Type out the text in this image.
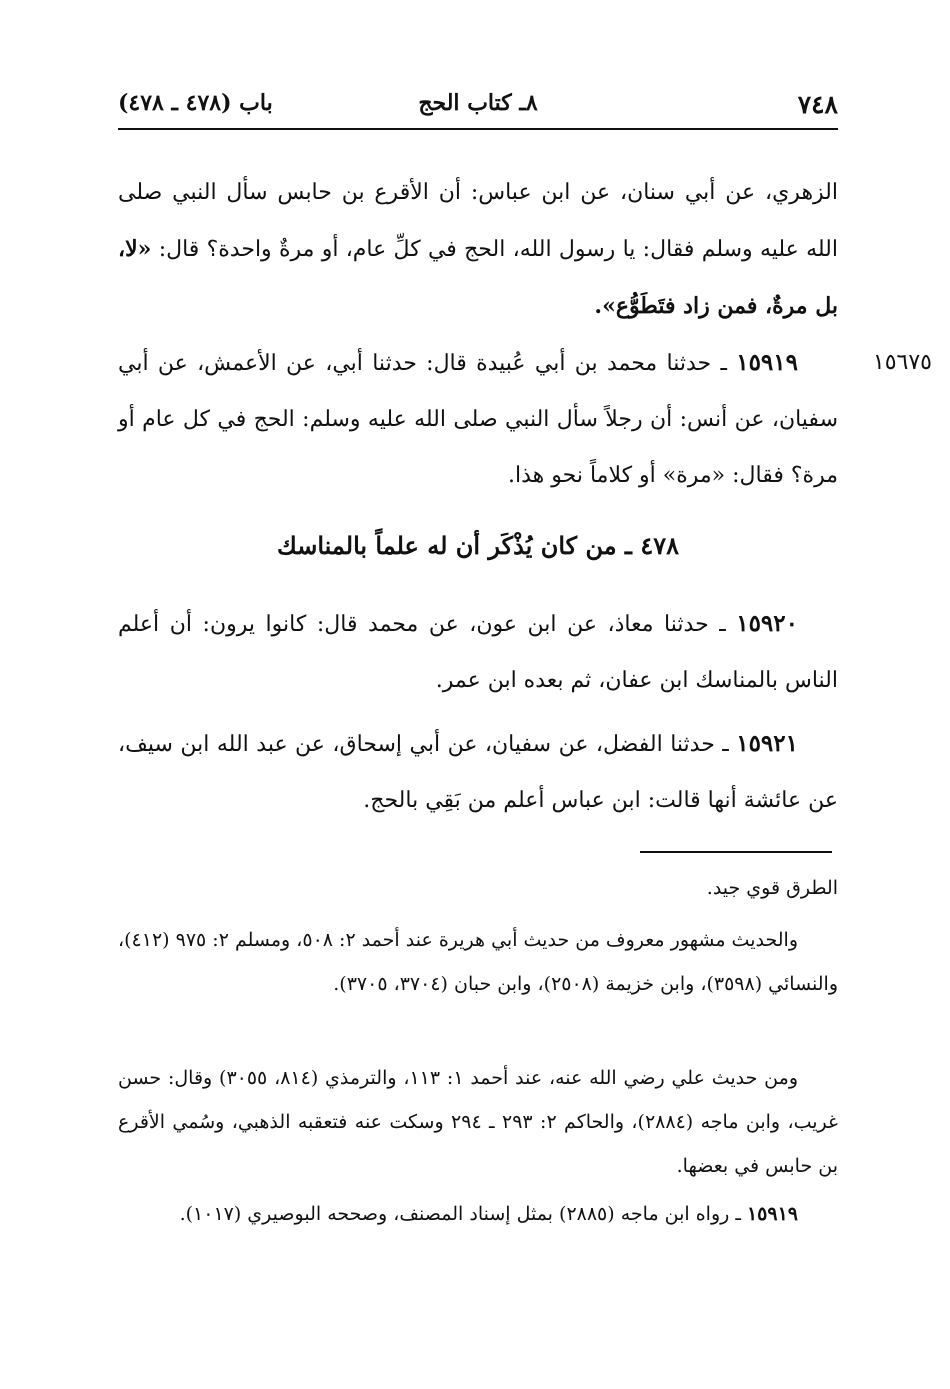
٧٤٨
٨ـ كتاب الحج
باب (٤٧٨ ـ ٤٧٨)
١٥٦٧٥

الزهري، عن أبي سنان، عن ابن عباس: أن الأقرع بن حابس سأل النبي صلى الله عليه وسلم فقال: يا رسول الله، الحج في كلِّ عام، أو مرةٌ واحدة؟ قال: «لا، بل مرةٌ، فمن زاد فتَطَوُّع».

١٥٩١٩ ـ حدثنا محمد بن أبي عُبيدة قال: حدثنا أبي، عن الأعمش، عن أبي سفيان، عن أنس: أن رجلاً سأل النبي صلى الله عليه وسلم: الحج في كل عام أو مرة؟ فقال: «مرة» أو كلاماً نحو هذا.

١٥٩٢٠ ـ حدثنا معاذ، عن ابن عون، عن محمد قال: كانوا يرون: أن أعلم الناس بالمناسك ابن عفان، ثم بعده ابن عمر.

١٥٩٢١ ـ حدثنا الفضل، عن سفيان، عن أبي إسحاق، عن عبد الله ابن سيف، عن عائشة أنها قالت: ابن عباس أعلم من بَقِي بالحج.

٤٧٨ ـ من كان يُذْكَر أن له علماً بالمناسك

الطرق قوي جيد.

والحديث مشهور معروف من حديث أبي هريرة عند أحمد ٢: ٥٠٨، ومسلم ٢: ٩٧٥ (٤١٢)، والنسائي (٣٥٩٨)، وابن خزيمة (٢٥٠٨)، وابن حبان (٣٧٠٤، ٣٧٠٥).

ومن حديث علي رضي الله عنه، عند أحمد ١: ١١٣، والترمذي (٨١٤، ٣٠٥٥) وقال: حسن غريب، وابن ماجه (٢٨٨٤)، والحاكم ٢: ٢٩٣ ـ ٢٩٤ وسكت عنه فتعقبه الذهبي، وسُمي الأقرع بن حابس في بعضها.

١٥٩١٩ ـ رواه ابن ماجه (٢٨٨٥) بمثل إسناد المصنف، وصححه البوصيري (١٠١٧).
